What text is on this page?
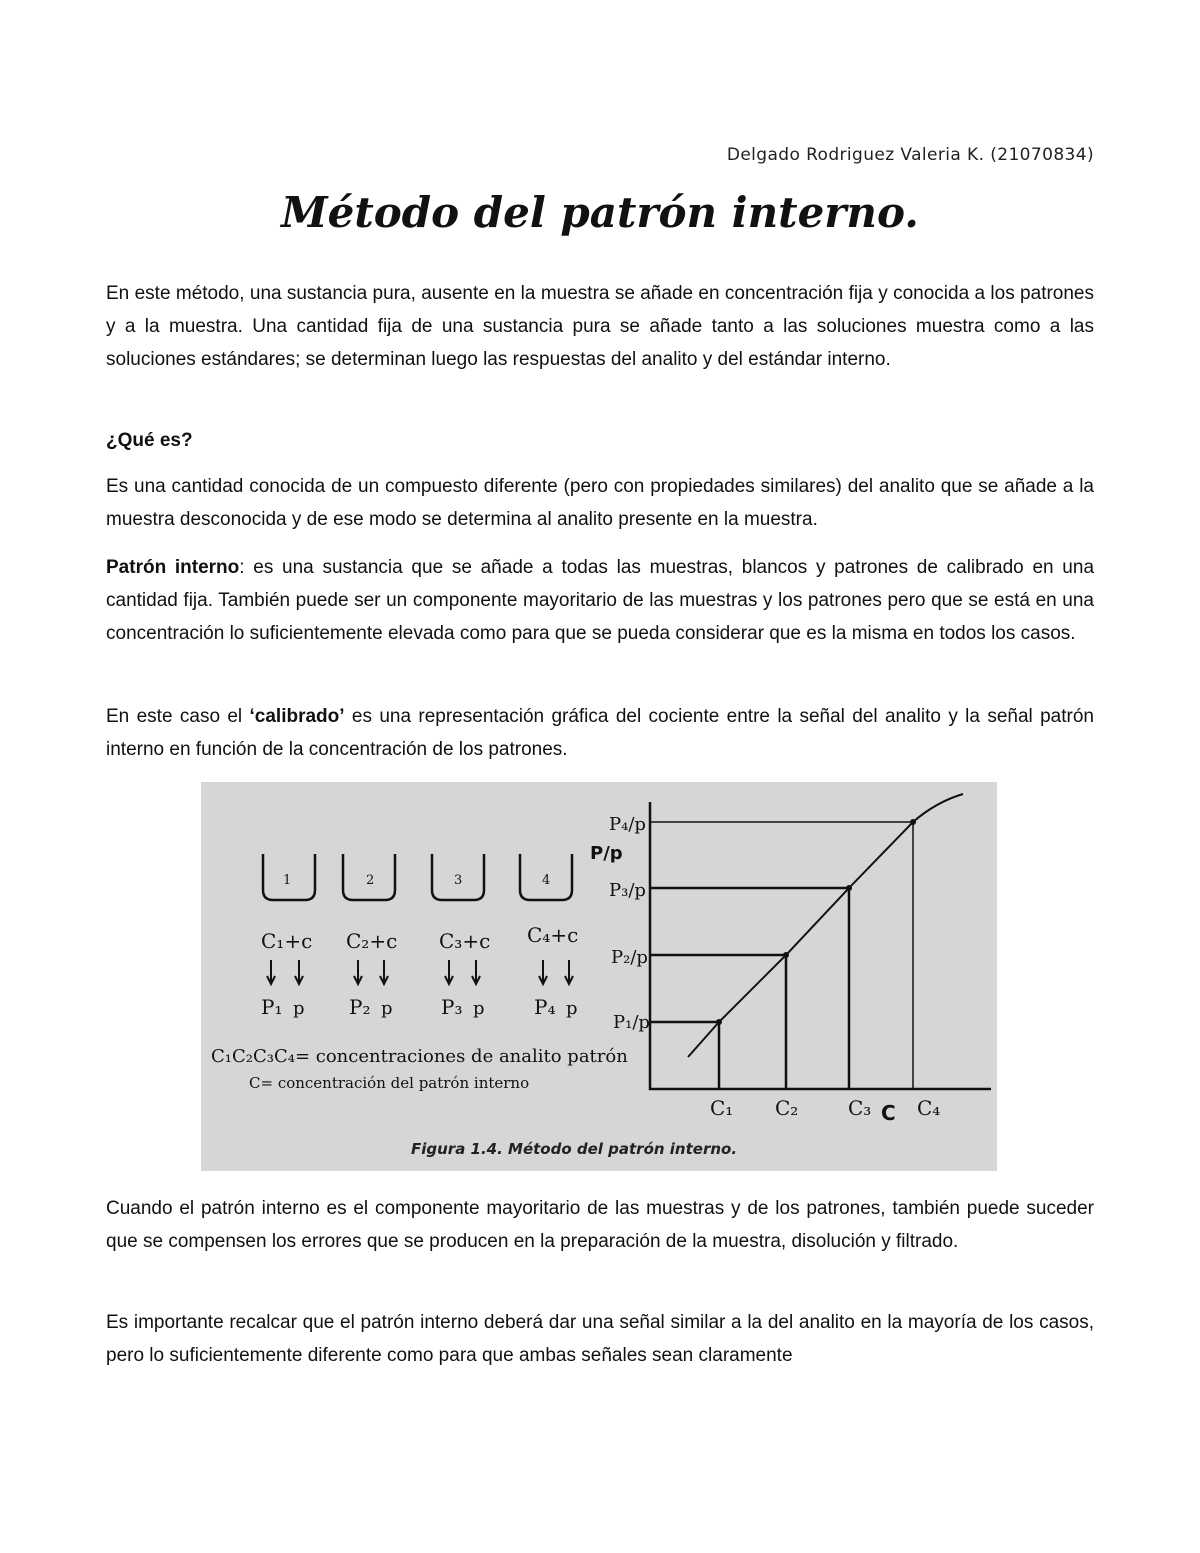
Delgado Rodriguez Valeria K. (21070834)
Método del patrón interno.

En este método, una sustancia pura, ausente en la muestra se añade en concentración fija y conocida a los patrones y a la muestra. Una cantidad fija de una sustancia pura se añade tanto a las soluciones muestra como a las soluciones estándares; se determinan luego las respuestas del analito y del estándar interno.

¿Qué es?

Es una cantidad conocida de un compuesto diferente (pero con propiedades similares) del analito que se añade a la muestra desconocida y de ese modo se determina al analito presente en la muestra.

Patrón interno: es una sustancia que se añade a todas las muestras, blancos y patrones de calibrado en una cantidad fija. También puede ser un componente mayoritario de las muestras y los patrones pero que se está en una concentración lo suficientemente elevada como para que se pueda considerar que es la misma en todos los casos.

En este caso el ‘calibrado’ es una representación gráfica del cociente entre la señal del analito y la señal patrón interno en función de la concentración de los patrones.

1
C₁+c
P₁ p
2
C₂+c
P₂ p
3
C₃+c
P₃ p
4
C₄+c
P₄ p
C₁C₂C₃C₄= concentraciones de analito patrón
C= concentración del patrón interno
P₄/p
P/p
P₃/p
P₂/p
P₁/p
C₁ C₂ C₃ C C₄
Figura 1.4. Método del patrón interno.

Cuando el patrón interno es el componente mayoritario de las muestras y de los patrones, también puede suceder que se compensen los errores que se producen en la preparación de la muestra, disolución y filtrado.

Es importante recalcar que el patrón interno deberá dar una señal similar a la del analito en la mayoría de los casos, pero lo suficientemente diferente como para que ambas señales sean claramente
